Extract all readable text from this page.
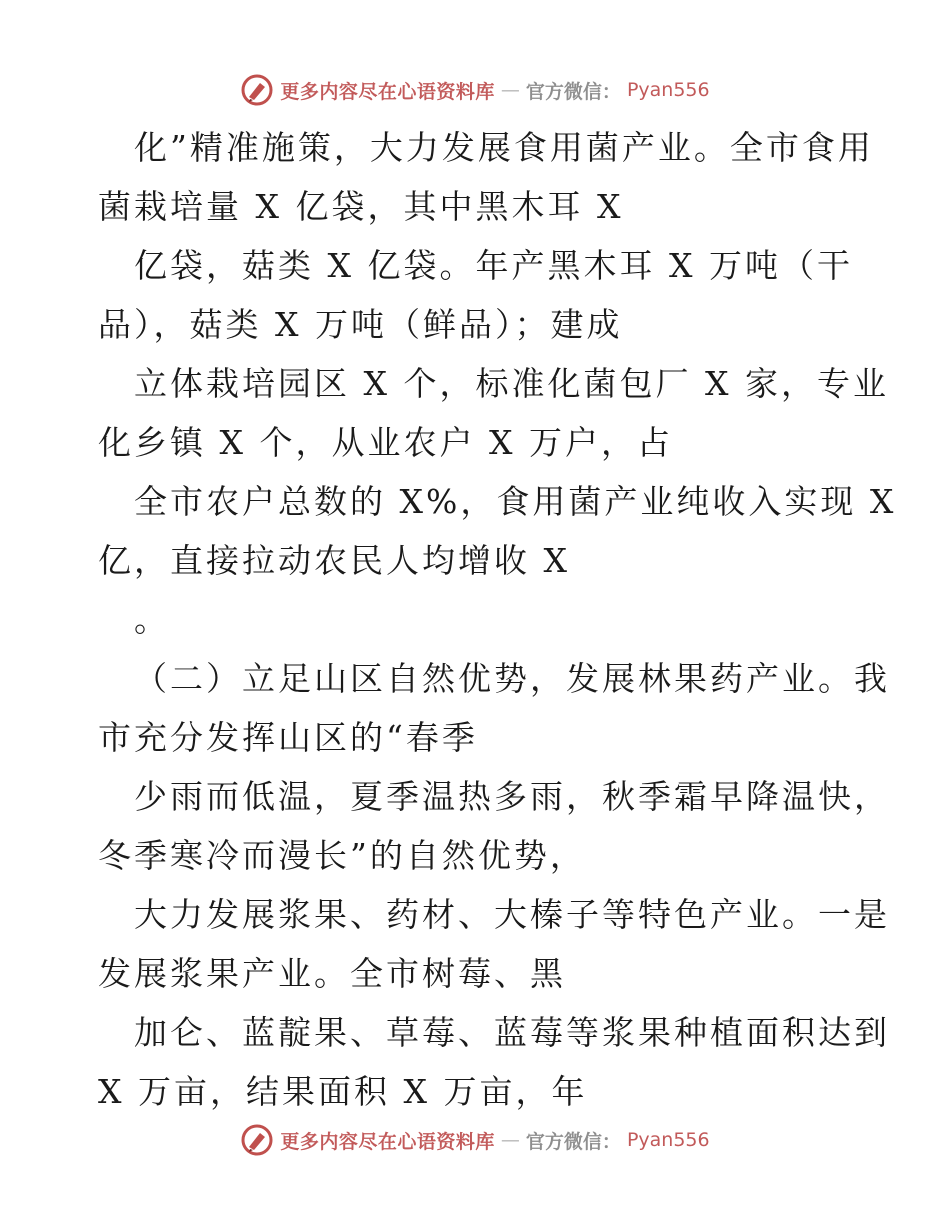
更多内容尽在心语资料库 — 官方微信： Pyan556
化”精准施策，大力发展食用菌产业。全市食用
菌栽培量 X 亿袋，其中黑木耳 X
亿袋，菇类 X 亿袋。年产黑木耳 X 万吨（干
品），菇类 X 万吨（鲜品）；建成
立体栽培园区 X 个，标准化菌包厂 X 家，专业
化乡镇 X 个，从业农户 X 万户，占
全市农户总数的 X%，食用菌产业纯收入实现 X
亿，直接拉动农民人均增收 X
。
（二）立足山区自然优势，发展林果药产业。我
市充分发挥山区的“春季
少雨而低温，夏季温热多雨，秋季霜早降温快，
冬季寒冷而漫长”的自然优势，
大力发展浆果、药材、大榛子等特色产业。一是
发展浆果产业。全市树莓、黑
加仑、蓝靛果、草莓、蓝莓等浆果种植面积达到
X 万亩，结果面积 X 万亩，年
更多内容尽在心语资料库 — 官方微信： Pyan556
